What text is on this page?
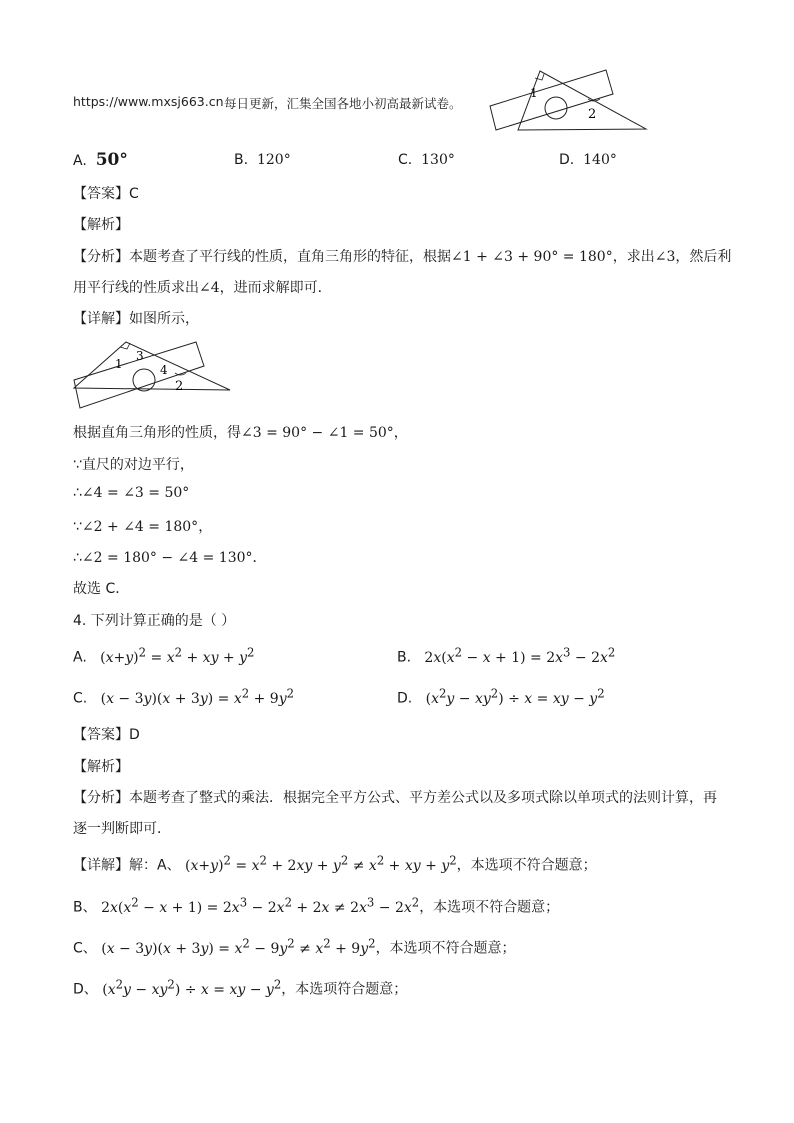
https://www.mxsj663.cn 每日更新，汇集全国各地小初高最新试卷。
1
2
A. 50°	B. 120°	C. 130°	D. 140°
【答案】C
【解析】
【分析】本题考查了平行线的性质，直角三角形的特征，根据∠1 + ∠3 + 90° = 180°，求出∠3，然后利
用平行线的性质求出∠4，进而求解即可．
【详解】如图所示，
1
3
4
2
根据直角三角形的性质，得∠3 = 90° − ∠1 = 50°，
∵直尺的对边平行，
∴∠4 = ∠3 = 50°
∵∠2 + ∠4 = 180°，
∴∠2 = 180° − ∠4 = 130°．
故选 C．
4. 下列计算正确的是（ ）
A. $(x+y)^2 = x^2$ + xy + $y^2$	B. $2x(x^2 - x + 1) = 2x^3 - 2x^2$
C. $(x - 3y)(x + 3y) = x^2 + 9y^2$	D. $(x^2y - xy^2) \div x$ = xy − $y^2$
【答案】D
【解析】
【分析】本题考查了整式的乘法．根据完全平方公式、平方差公式以及多项式除以单项式的法则计算，再
逐一判断即可．
【详解】解：A、 $(x+y)^2 = x^2 + 2xy + y^2 \ne x^2$ + xy + $y^2$，本选项不符合题意；
B、 $2x(x^2 - x + 1) = 2x^3 - 2x^2 + 2x \ne 2x^3 - 2x^2$，本选项不符合题意；
C、 $(x - 3y)(x + 3y) = x^2 - 9y^2 \ne x^2 + 9y^2$，本选项不符合题意；
D、 $(x^2y - xy^2) \div x$ = xy − $y^2$，本选项符合题意；
